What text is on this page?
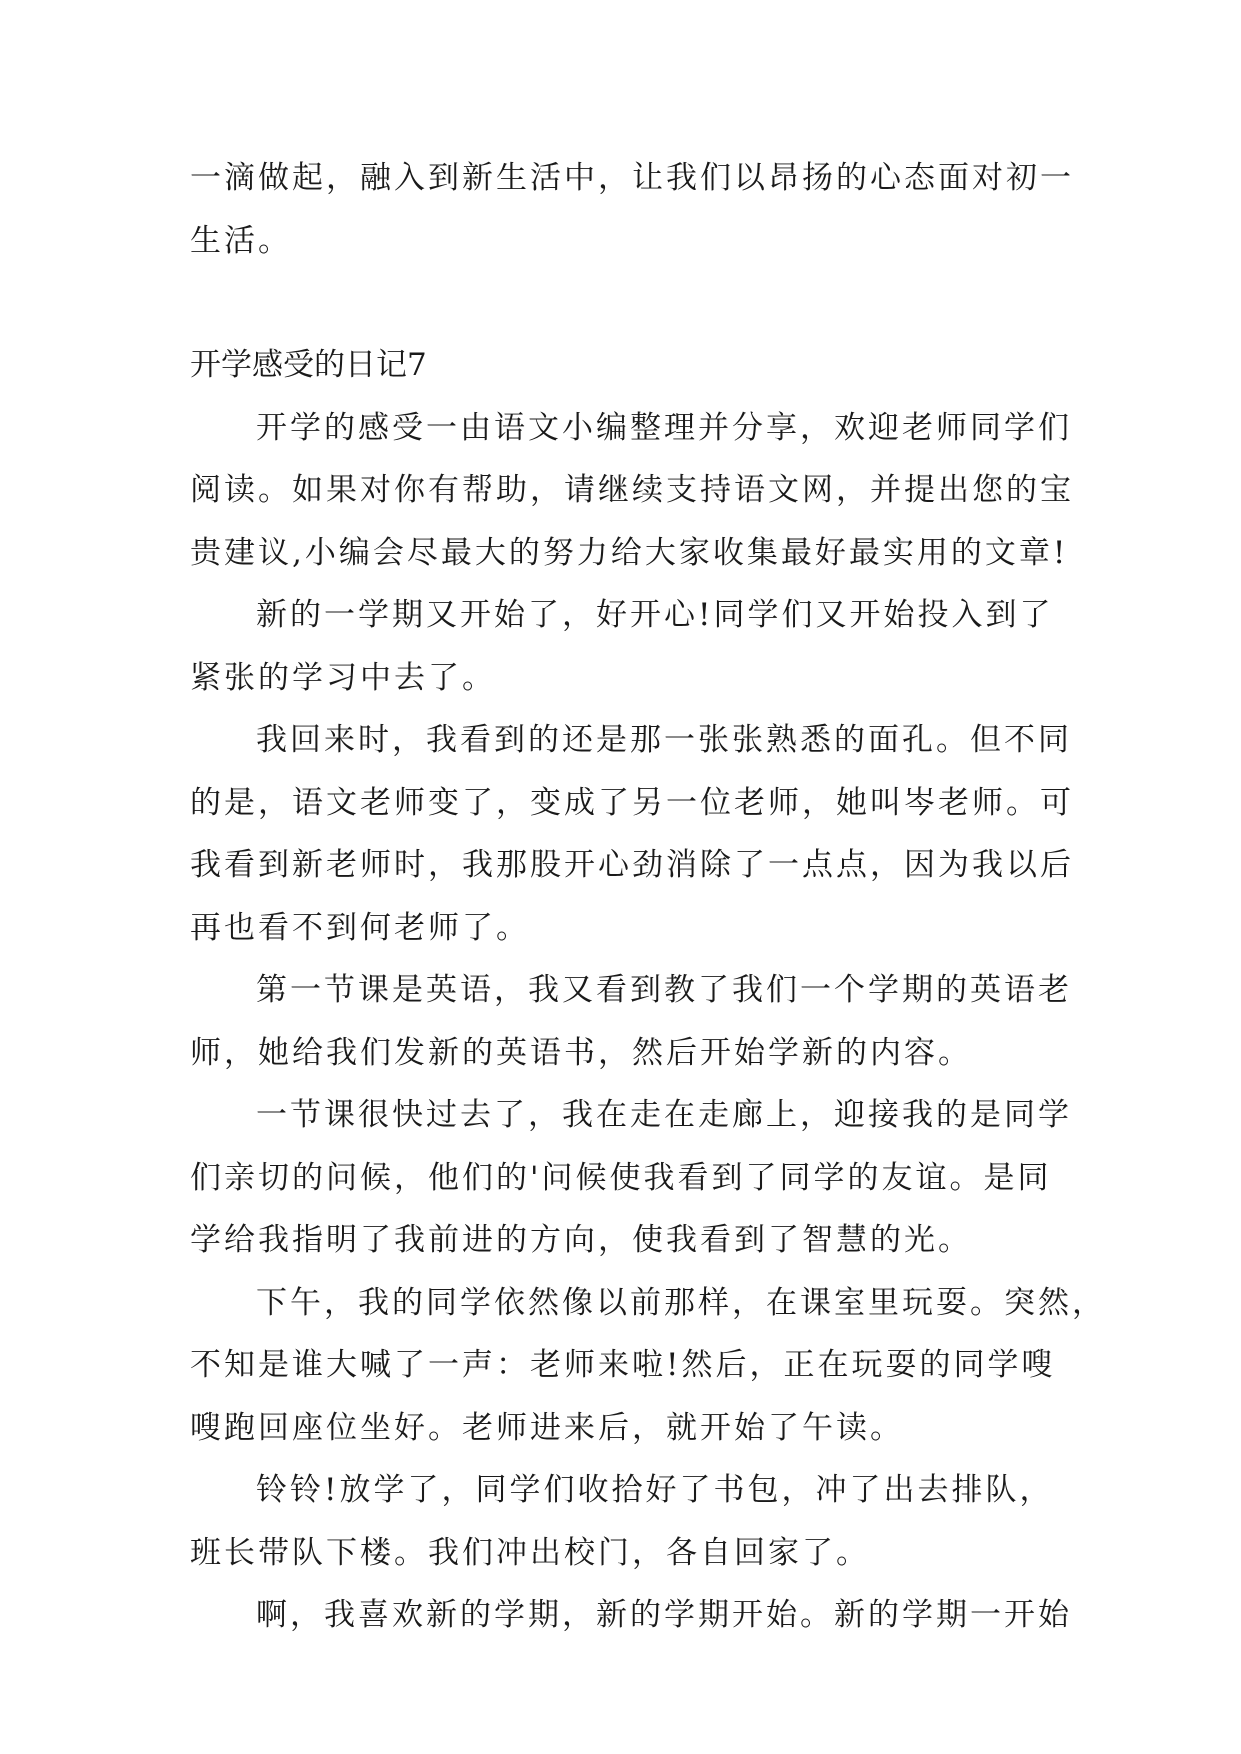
一滴做起，融入到新生活中，让我们以昂扬的心态面对初一
生活。
开学感受的日记7
开学的感受一由语文小编整理并分享，欢迎老师同学们
阅读。如果对你有帮助，请继续支持语文网，并提出您的宝
贵建议,小编会尽最大的努力给大家收集最好最实用的文章!
新的一学期又开始了，好开心!同学们又开始投入到了
紧张的学习中去了。
我回来时，我看到的还是那一张张熟悉的面孔。但不同
的是，语文老师变了，变成了另一位老师，她叫岑老师。可
我看到新老师时，我那股开心劲消除了一点点，因为我以后
再也看不到何老师了。
第一节课是英语，我又看到教了我们一个学期的英语老
师，她给我们发新的英语书，然后开始学新的内容。
一节课很快过去了，我在走在走廊上，迎接我的是同学
们亲切的问候，他们的'问候使我看到了同学的友谊。是同
学给我指明了我前进的方向，使我看到了智慧的光。
下午，我的同学依然像以前那样，在课室里玩耍。突然，
不知是谁大喊了一声：老师来啦!然后，正在玩耍的同学嗖
嗖跑回座位坐好。老师进来后，就开始了午读。
铃铃!放学了，同学们收拾好了书包，冲了出去排队，
班长带队下楼。我们冲出校门，各自回家了。
啊，我喜欢新的学期，新的学期开始。新的学期一开始
